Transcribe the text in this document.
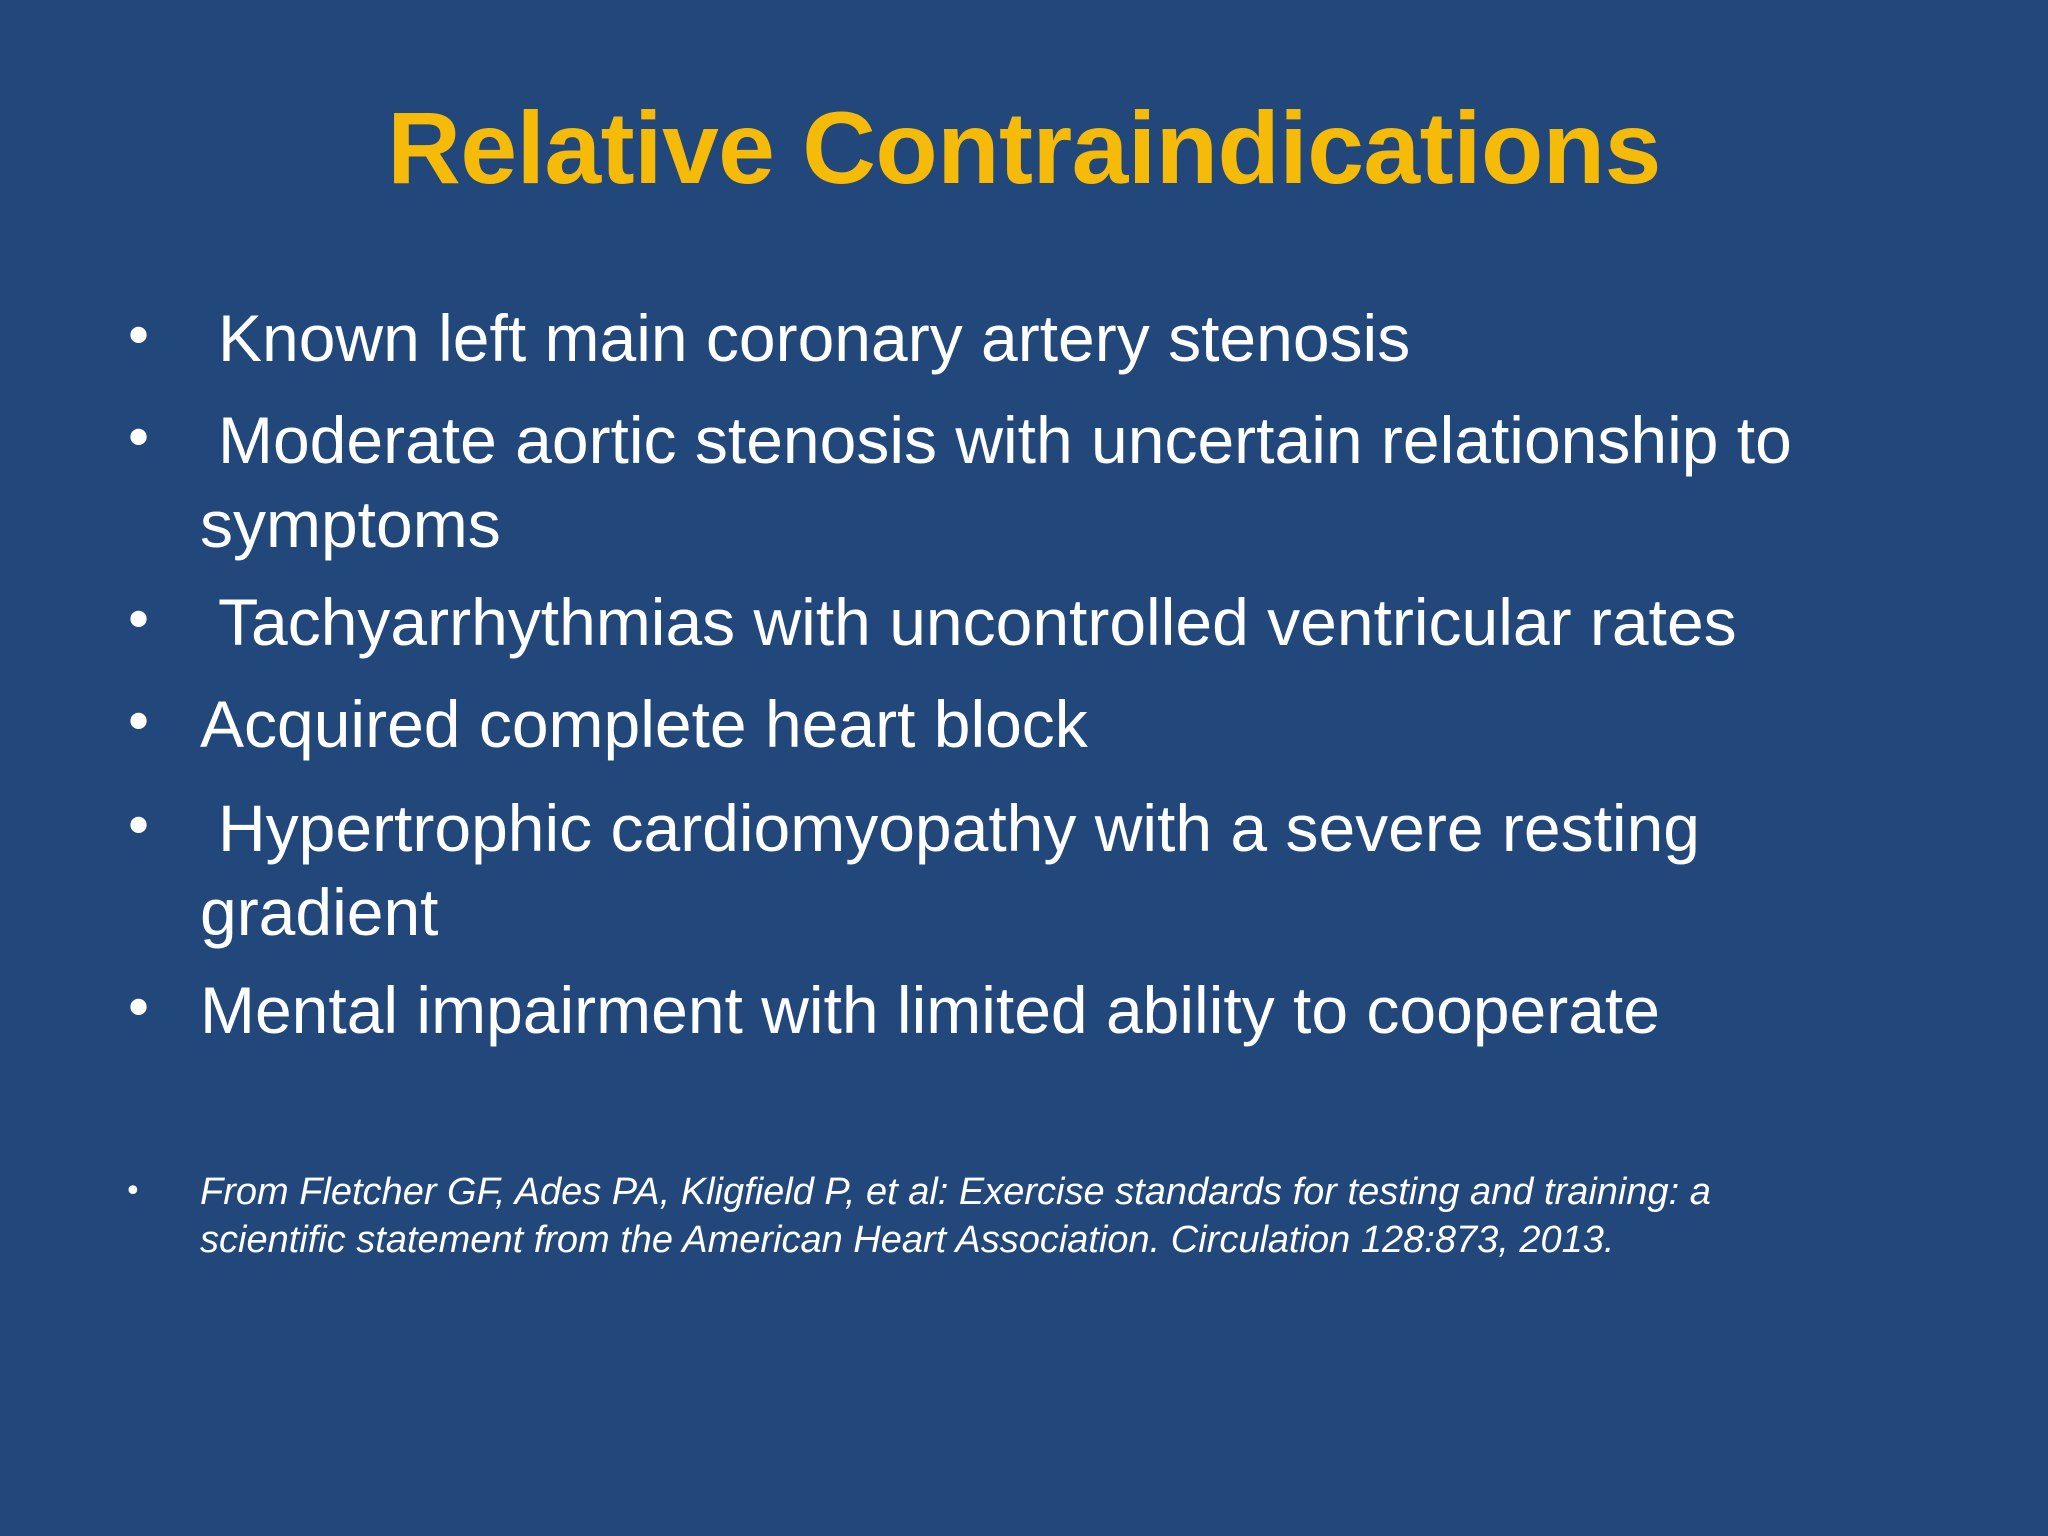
Relative Contraindications
• Known left main coronary artery stenosis
• Moderate aortic stenosis with uncertain relationship to symptoms
• Tachyarrhythmias with uncontrolled ventricular rates
• Acquired complete heart block
• Hypertrophic cardiomyopathy with a severe resting gradient
• Mental impairment with limited ability to cooperate
• From Fletcher GF, Ades PA, Kligfield P, et al: Exercise standards for testing and training: a scientific statement from the American Heart Association. Circulation 128:873, 2013.
